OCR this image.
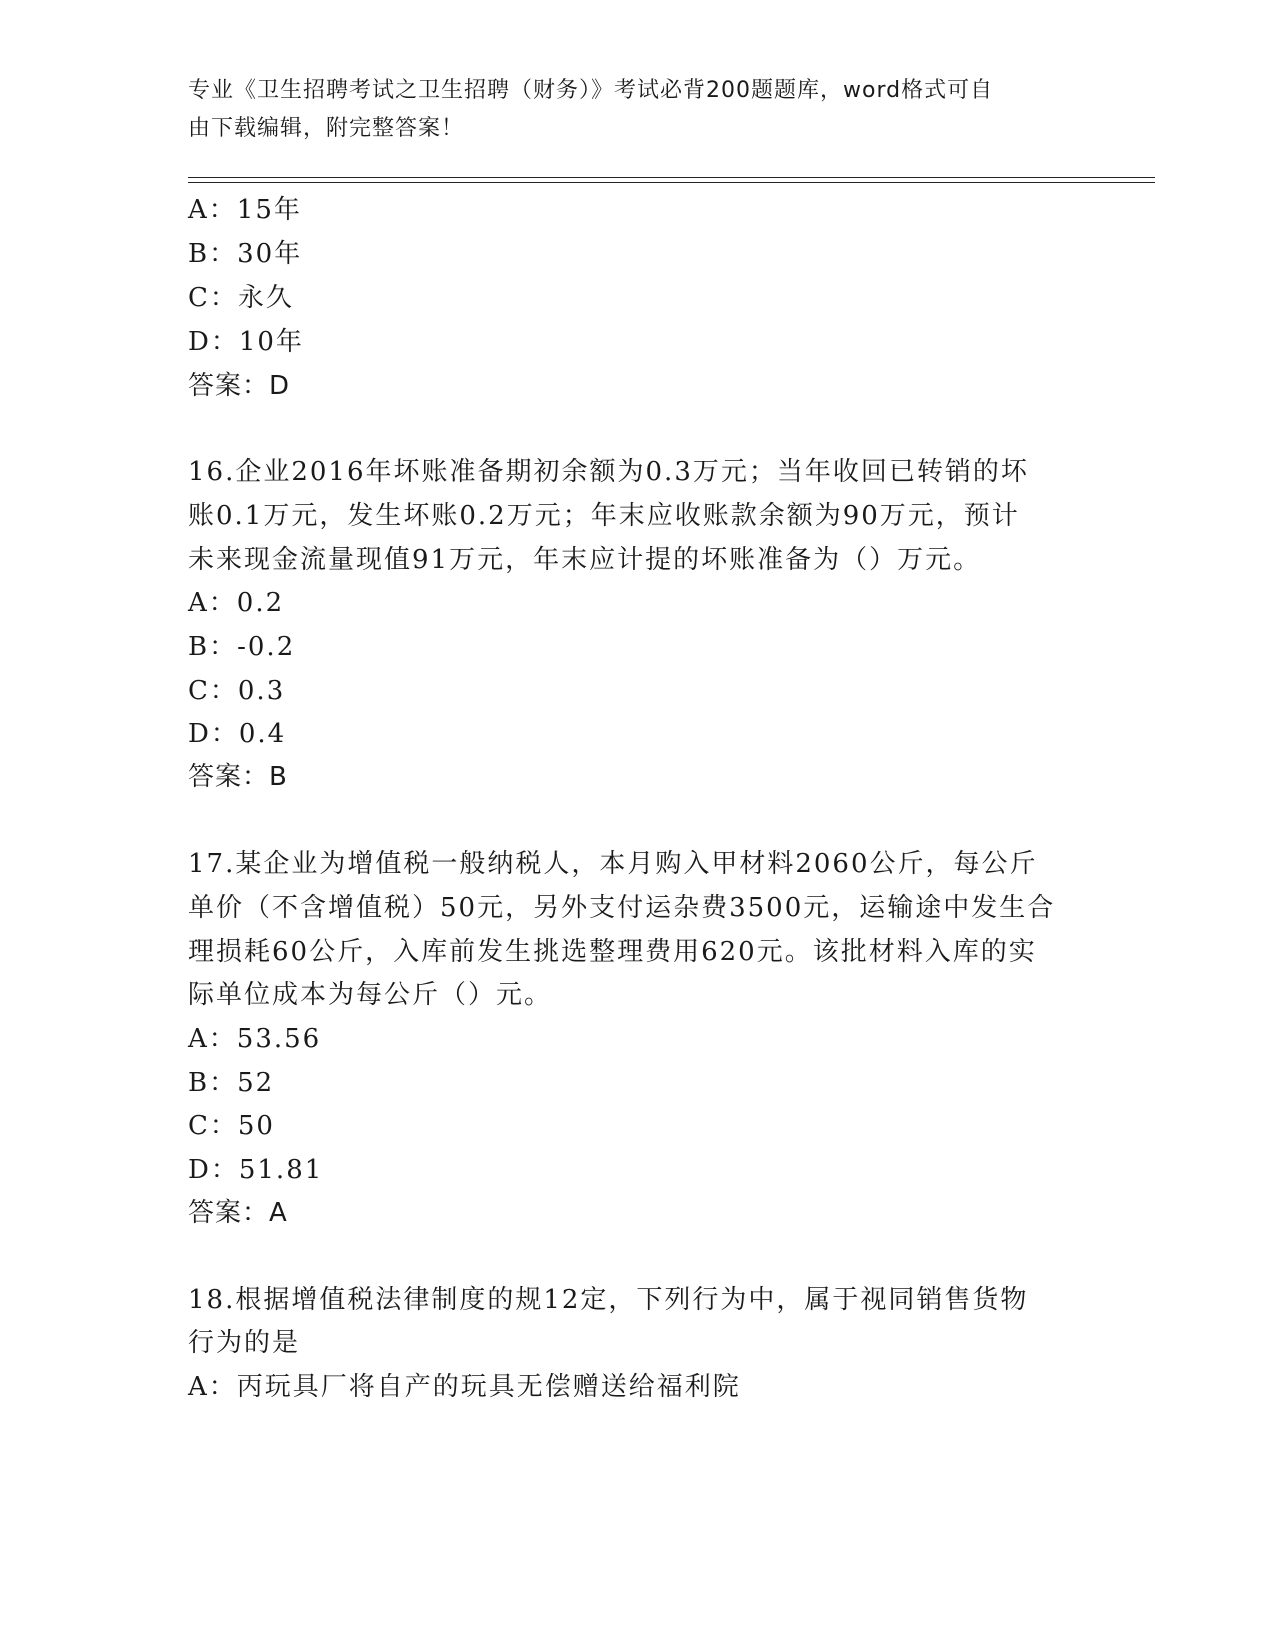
专业《卫生招聘考试之卫生招聘（财务）》考试必背200题题库，word格式可自
由下载编辑，附完整答案！
A：15年
B：30年
C：永久
D：10年
答案：D
16.企业2016年坏账准备期初余额为0.3万元；当年收回已转销的坏
账0.1万元，发生坏账0.2万元；年末应收账款余额为90万元，预计
未来现金流量现值91万元，年末应计提的坏账准备为（）万元。
A：0.2
B：-0.2
C：0.3
D：0.4
答案：B
17.某企业为增值税一般纳税人，本月购入甲材料2060公斤，每公斤
单价（不含增值税）50元，另外支付运杂费3500元，运输途中发生合
理损耗60公斤，入库前发生挑选整理费用620元。该批材料入库的实
际单位成本为每公斤（）元。
A：53.56
B：52
C：50
D：51.81
答案：A
18.根据增值税法律制度的规12定，下列行为中，属于视同销售货物
行为的是
A：丙玩具厂将自产的玩具无偿赠送给福利院
